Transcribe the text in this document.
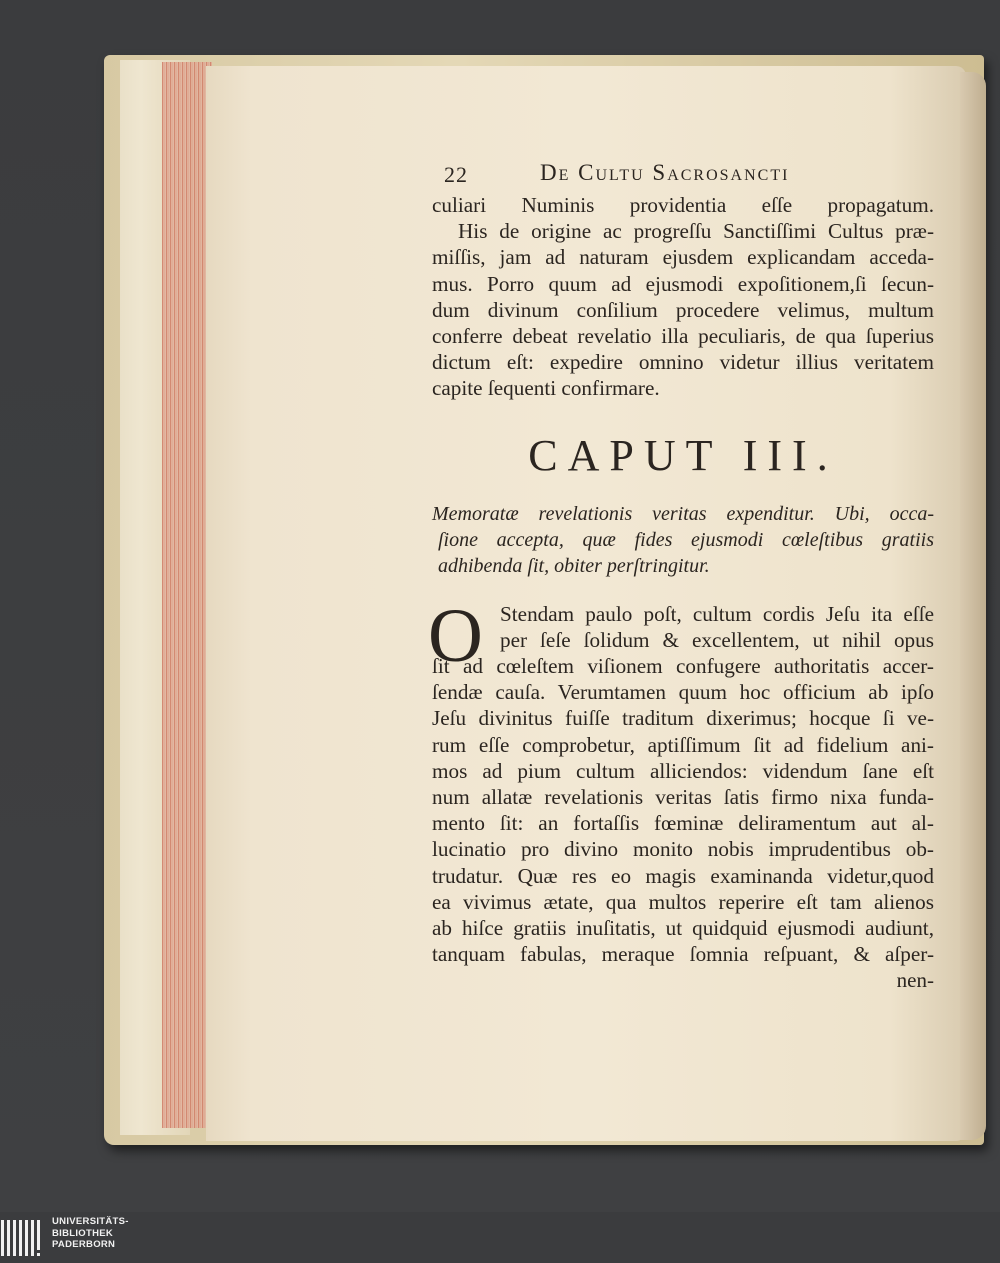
22	De Cultu Sacrosancti
culiari Numinis providentia eſſe propagatum.
His de origine ac progreſſu Sanctiſſimi Cultus præ-
miſſis, jam ad naturam ejusdem explicandam acceda-
mus. Porro quum ad ejusmodi expoſitionem,ſi ſecun-
dum divinum conſilium procedere velimus, multum
conferre debeat revelatio illa peculiaris, de qua ſuperius
dictum eſt: expedire omnino videtur illius veritatem
capite ſequenti confirmare.
CAPUT III.
Memoratæ revelationis veritas expenditur. Ubi, occa-
ſione accepta, quæ fides ejusmodi cœleſtibus gratiis
adhibenda ſit, obiter perſtringitur.
O Stendam paulo poſt, cultum cordis Jeſu ita eſſe
per ſeſe ſolidum & excellentem, ut nihil opus
ſit ad cœleſtem viſionem confugere authoritatis accer-
ſendæ cauſa. Verumtamen quum hoc officium ab ipſo
Jeſu divinitus fuiſſe traditum dixerimus; hocque ſi ve-
rum eſſe comprobetur, aptiſſimum ſit ad fidelium ani-
mos ad pium cultum alliciendos: videndum ſane eſt
num allatæ revelationis veritas ſatis firmo nixa funda-
mento ſit: an fortaſſis fœminæ deliramentum aut al-
lucinatio pro divino monito nobis imprudentibus ob-
trudatur. Quæ res eo magis examinanda videtur,quod
ea vivimus ætate, qua multos reperire eſt tam alienos
ab hiſce gratiis inuſitatis, ut quidquid ejusmodi audiunt,
tanquam fabulas, meraque ſomnia reſpuant, & aſper-
nen-
UNIVERSITÄTS-
BIBLIOTHEK
PADERBORN
